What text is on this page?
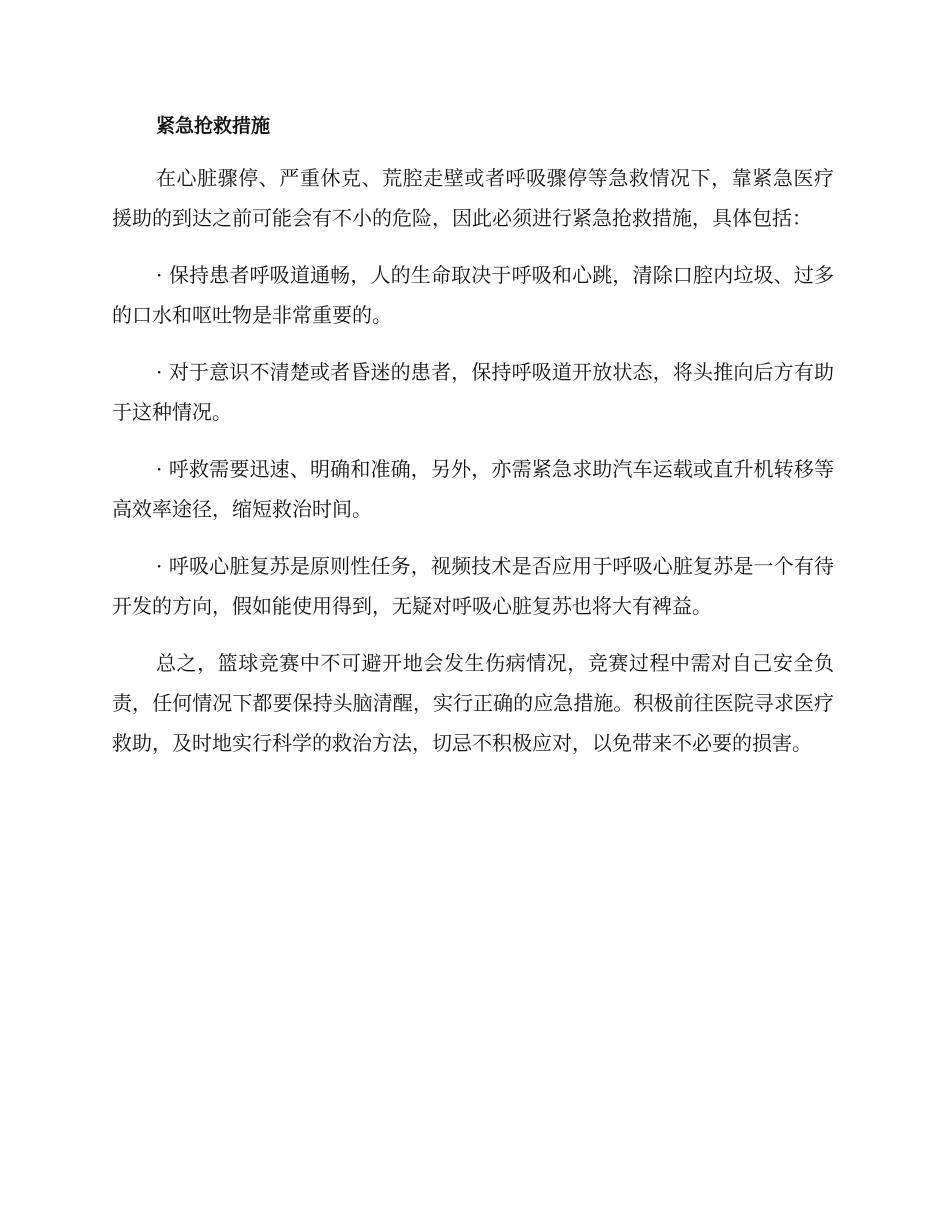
紧急抢救措施

在心脏骤停、严重休克、荒腔走壁或者呼吸骤停等急救情况下，靠紧急医疗援助的到达之前可能会有不小的危险，因此必须进行紧急抢救措施，具体包括：

· 保持患者呼吸道通畅，人的生命取决于呼吸和心跳，清除口腔内垃圾、过多的口水和呕吐物是非常重要的。

· 对于意识不清楚或者昏迷的患者，保持呼吸道开放状态，将头推向后方有助于这种情况。

· 呼救需要迅速、明确和准确，另外，亦需紧急求助汽车运载或直升机转移等高效率途径，缩短救治时间。

· 呼吸心脏复苏是原则性任务，视频技术是否应用于呼吸心脏复苏是一个有待开发的方向，假如能使用得到，无疑对呼吸心脏复苏也将大有裨益。

总之，篮球竞赛中不可避开地会发生伤病情况，竞赛过程中需对自己安全负责，任何情况下都要保持头脑清醒，实行正确的应急措施。积极前往医院寻求医疗救助，及时地实行科学的救治方法，切忌不积极应对，以免带来不必要的损害。
